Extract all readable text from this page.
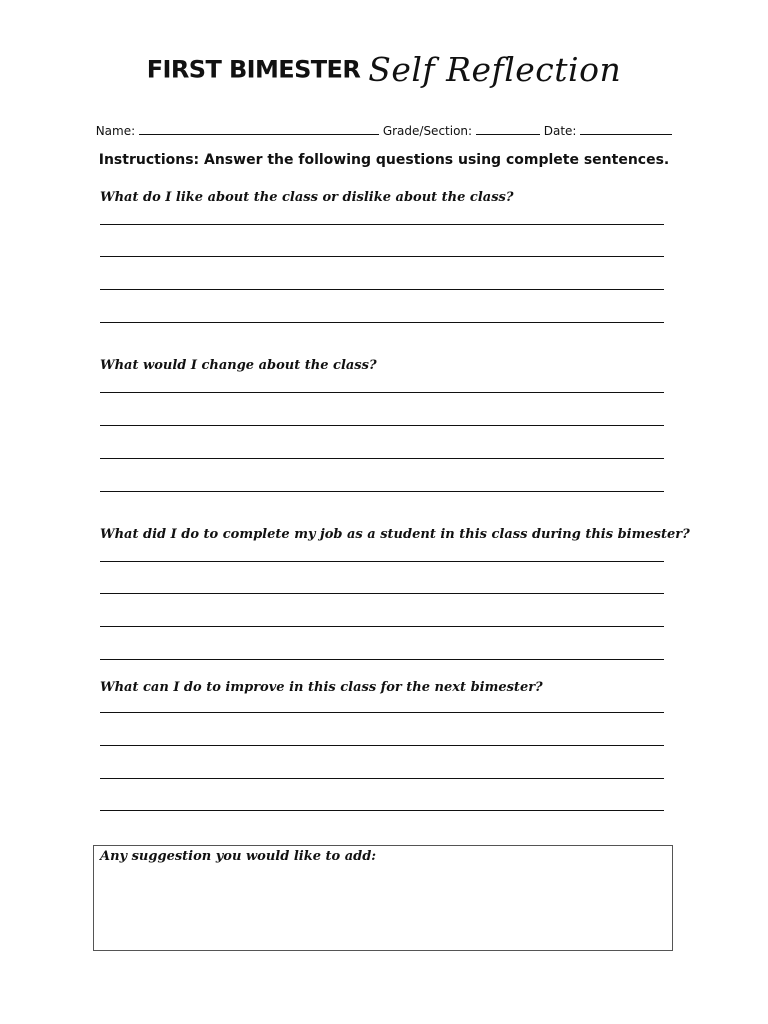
FIRST BIMESTER Self Reflection
Name:	Grade/Section:	Date:
Instructions: Answer the following questions using complete sentences.
What do I like about the class or dislike about the class?
What would I change about the class?
What did I do to complete my job as a student in this class during this bimester?
What can I do to improve in this class for the next bimester?
Any suggestion you would like to add:
